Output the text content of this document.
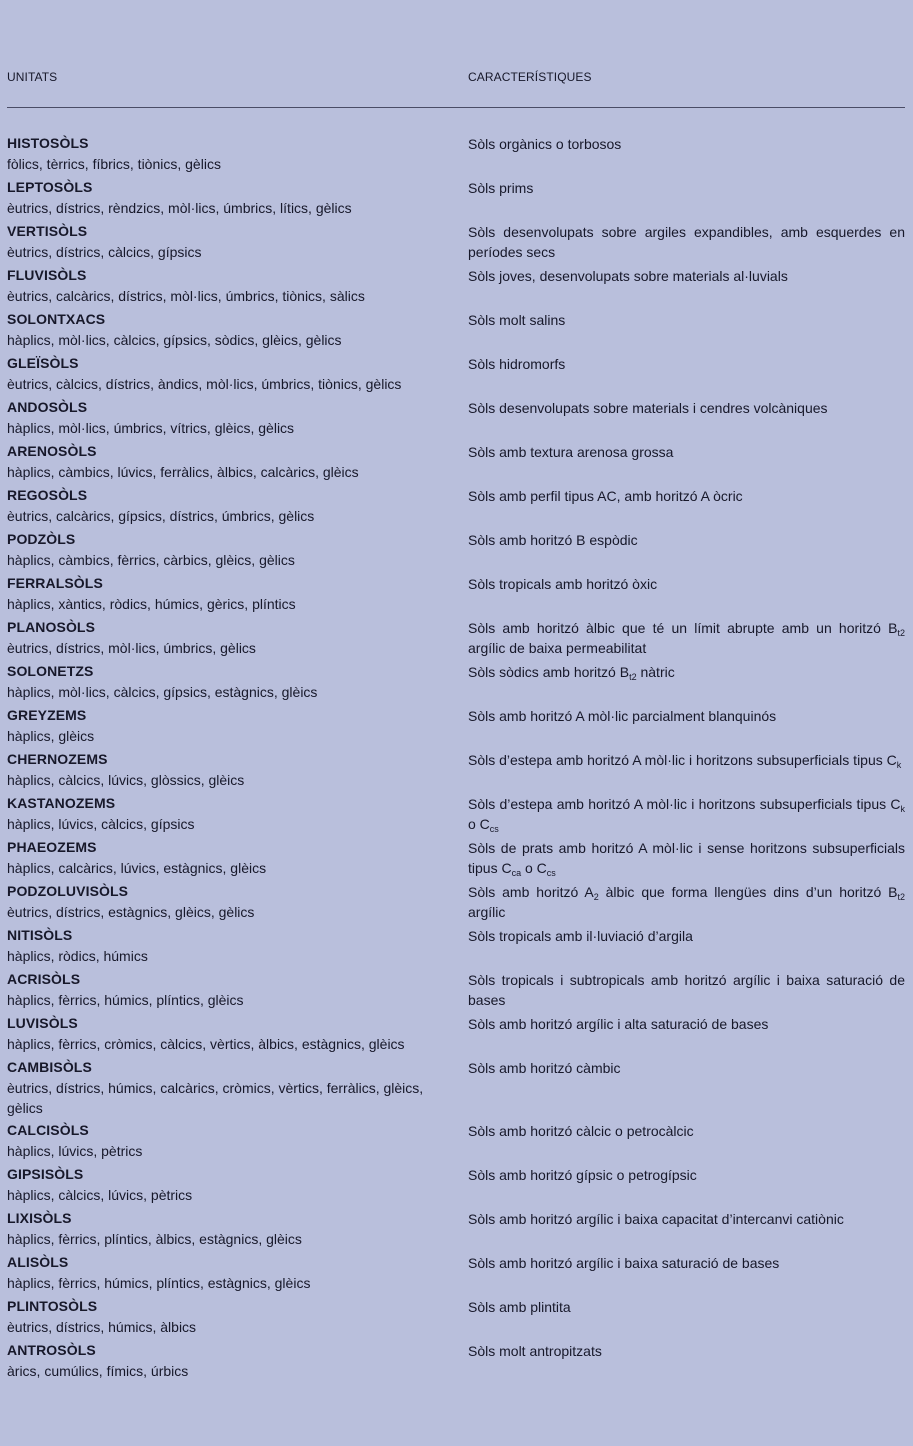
UNITATS	CARACTERÍSTIQUES
HISTOSÒLS
fòlics, tèrrics, fíbrics, tiònics, gèlics
Sòls orgànics o torbosos
LEPTOSÒLS
èutrics, dístrics, rèndzics, mòl·lics, úmbrics, lítics, gèlics
Sòls prims
VERTISÒLS
èutrics, dístrics, càlcics, gípsics
Sòls desenvolupats sobre argiles expandibles, amb esquerdes en períodes secs
FLUVISÒLS
èutrics, calcàrics, dístrics, mòl·lics, úmbrics, tiònics, sàlics
Sòls joves, desenvolupats sobre materials al·luvials
SOLONTXACS
hàplics, mòl·lics, càlcics, gípsics, sòdics, glèics, gèlics
Sòls molt salins
GLEÏSÒLS
èutrics, càlcics, dístrics, àndics, mòl·lics, úmbrics, tiònics, gèlics
Sòls hidromorfs
ANDOSÒLS
hàplics, mòl·lics, úmbrics, vítrics, glèics, gèlics
Sòls desenvolupats sobre materials i cendres volcàniques
ARENOSÒLS
hàplics, càmbics, lúvics, ferràlics, àlbics, calcàrics, glèics
Sòls amb textura arenosa grossa
REGOSÒLS
èutrics, calcàrics, gípsics, dístrics, úmbrics, gèlics
Sòls amb perfil tipus AC, amb horitzó A òcric
PODZÒLS
hàplics, càmbics, fèrrics, càrbics, glèics, gèlics
Sòls amb horitzó B espòdic
FERRALSÒLS
hàplics, xàntics, ròdics, húmics, gèrics, plíntics
Sòls tropicals amb horitzó òxic
PLANOSÒLS
èutrics, dístrics, mòl·lics, úmbrics, gèlics
Sòls amb horitzó àlbic que té un límit abrupte amb un horitzó $B_{t2}$ argílic de baixa permeabilitat
SOLONETZS
hàplics, mòl·lics, càlcics, gípsics, estàgnics, glèics
Sòls sòdics amb horitzó $B_{t2}$ nàtric
GREYZEMS
hàplics, glèics
Sòls amb horitzó A mòl·lic parcialment blanquinós
CHERNOZEMS
hàplics, càlcics, lúvics, glòssics, glèics
Sòls d’estepa amb horitzó A mòl·lic i horitzons subsuperficials tipus $C_k$
KASTANOZEMS
hàplics, lúvics, càlcics, gípsics
Sòls d’estepa amb horitzó A mòl·lic i horitzons subsuperficials tipus $C_k$ o $C_{cs}$
PHAEOZEMS
hàplics, calcàrics, lúvics, estàgnics, glèics
Sòls de prats amb horitzó A mòl·lic i sense horitzons subsuperficials tipus $C_{ca}$ o $C_{cs}$
PODZOLUVISÒLS
èutrics, dístrics, estàgnics, glèics, gèlics
Sòls amb horitzó $A_2$ àlbic que forma llengües dins d’un horitzó $B_{t2}$ argílic
NITISÒLS
hàplics, ròdics, húmics
Sòls tropicals amb il·luviació d’argila
ACRISÒLS
hàplics, fèrrics, húmics, plíntics, glèics
Sòls tropicals i subtropicals amb horitzó argílic i baixa saturació de bases
LUVISÒLS
hàplics, fèrrics, cròmics, càlcics, vèrtics, àlbics, estàgnics, glèics
Sòls amb horitzó argílic i alta saturació de bases
CAMBISÒLS
èutrics, dístrics, húmics, calcàrics, cròmics, vèrtics, ferràlics, glèics, gèlics
Sòls amb horitzó càmbic
CALCISÒLS
hàplics, lúvics, pètrics
Sòls amb horitzó càlcic o petrocàlcic
GIPSISÒLS
hàplics, càlcics, lúvics, pètrics
Sòls amb horitzó gípsic o petrogípsic
LIXISÒLS
hàplics, fèrrics, plíntics, àlbics, estàgnics, glèics
Sòls amb horitzó argílic i baixa capacitat d’intercanvi catiònic
ALISÒLS
hàplics, fèrrics, húmics, plíntics, estàgnics, glèics
Sòls amb horitzó argílic i baixa saturació de bases
PLINTOSÒLS
èutrics, dístrics, húmics, àlbics
Sòls amb plintita
ANTROSÒLS
àrics, cumúlics, fímics, úrbics
Sòls molt antropitzats
